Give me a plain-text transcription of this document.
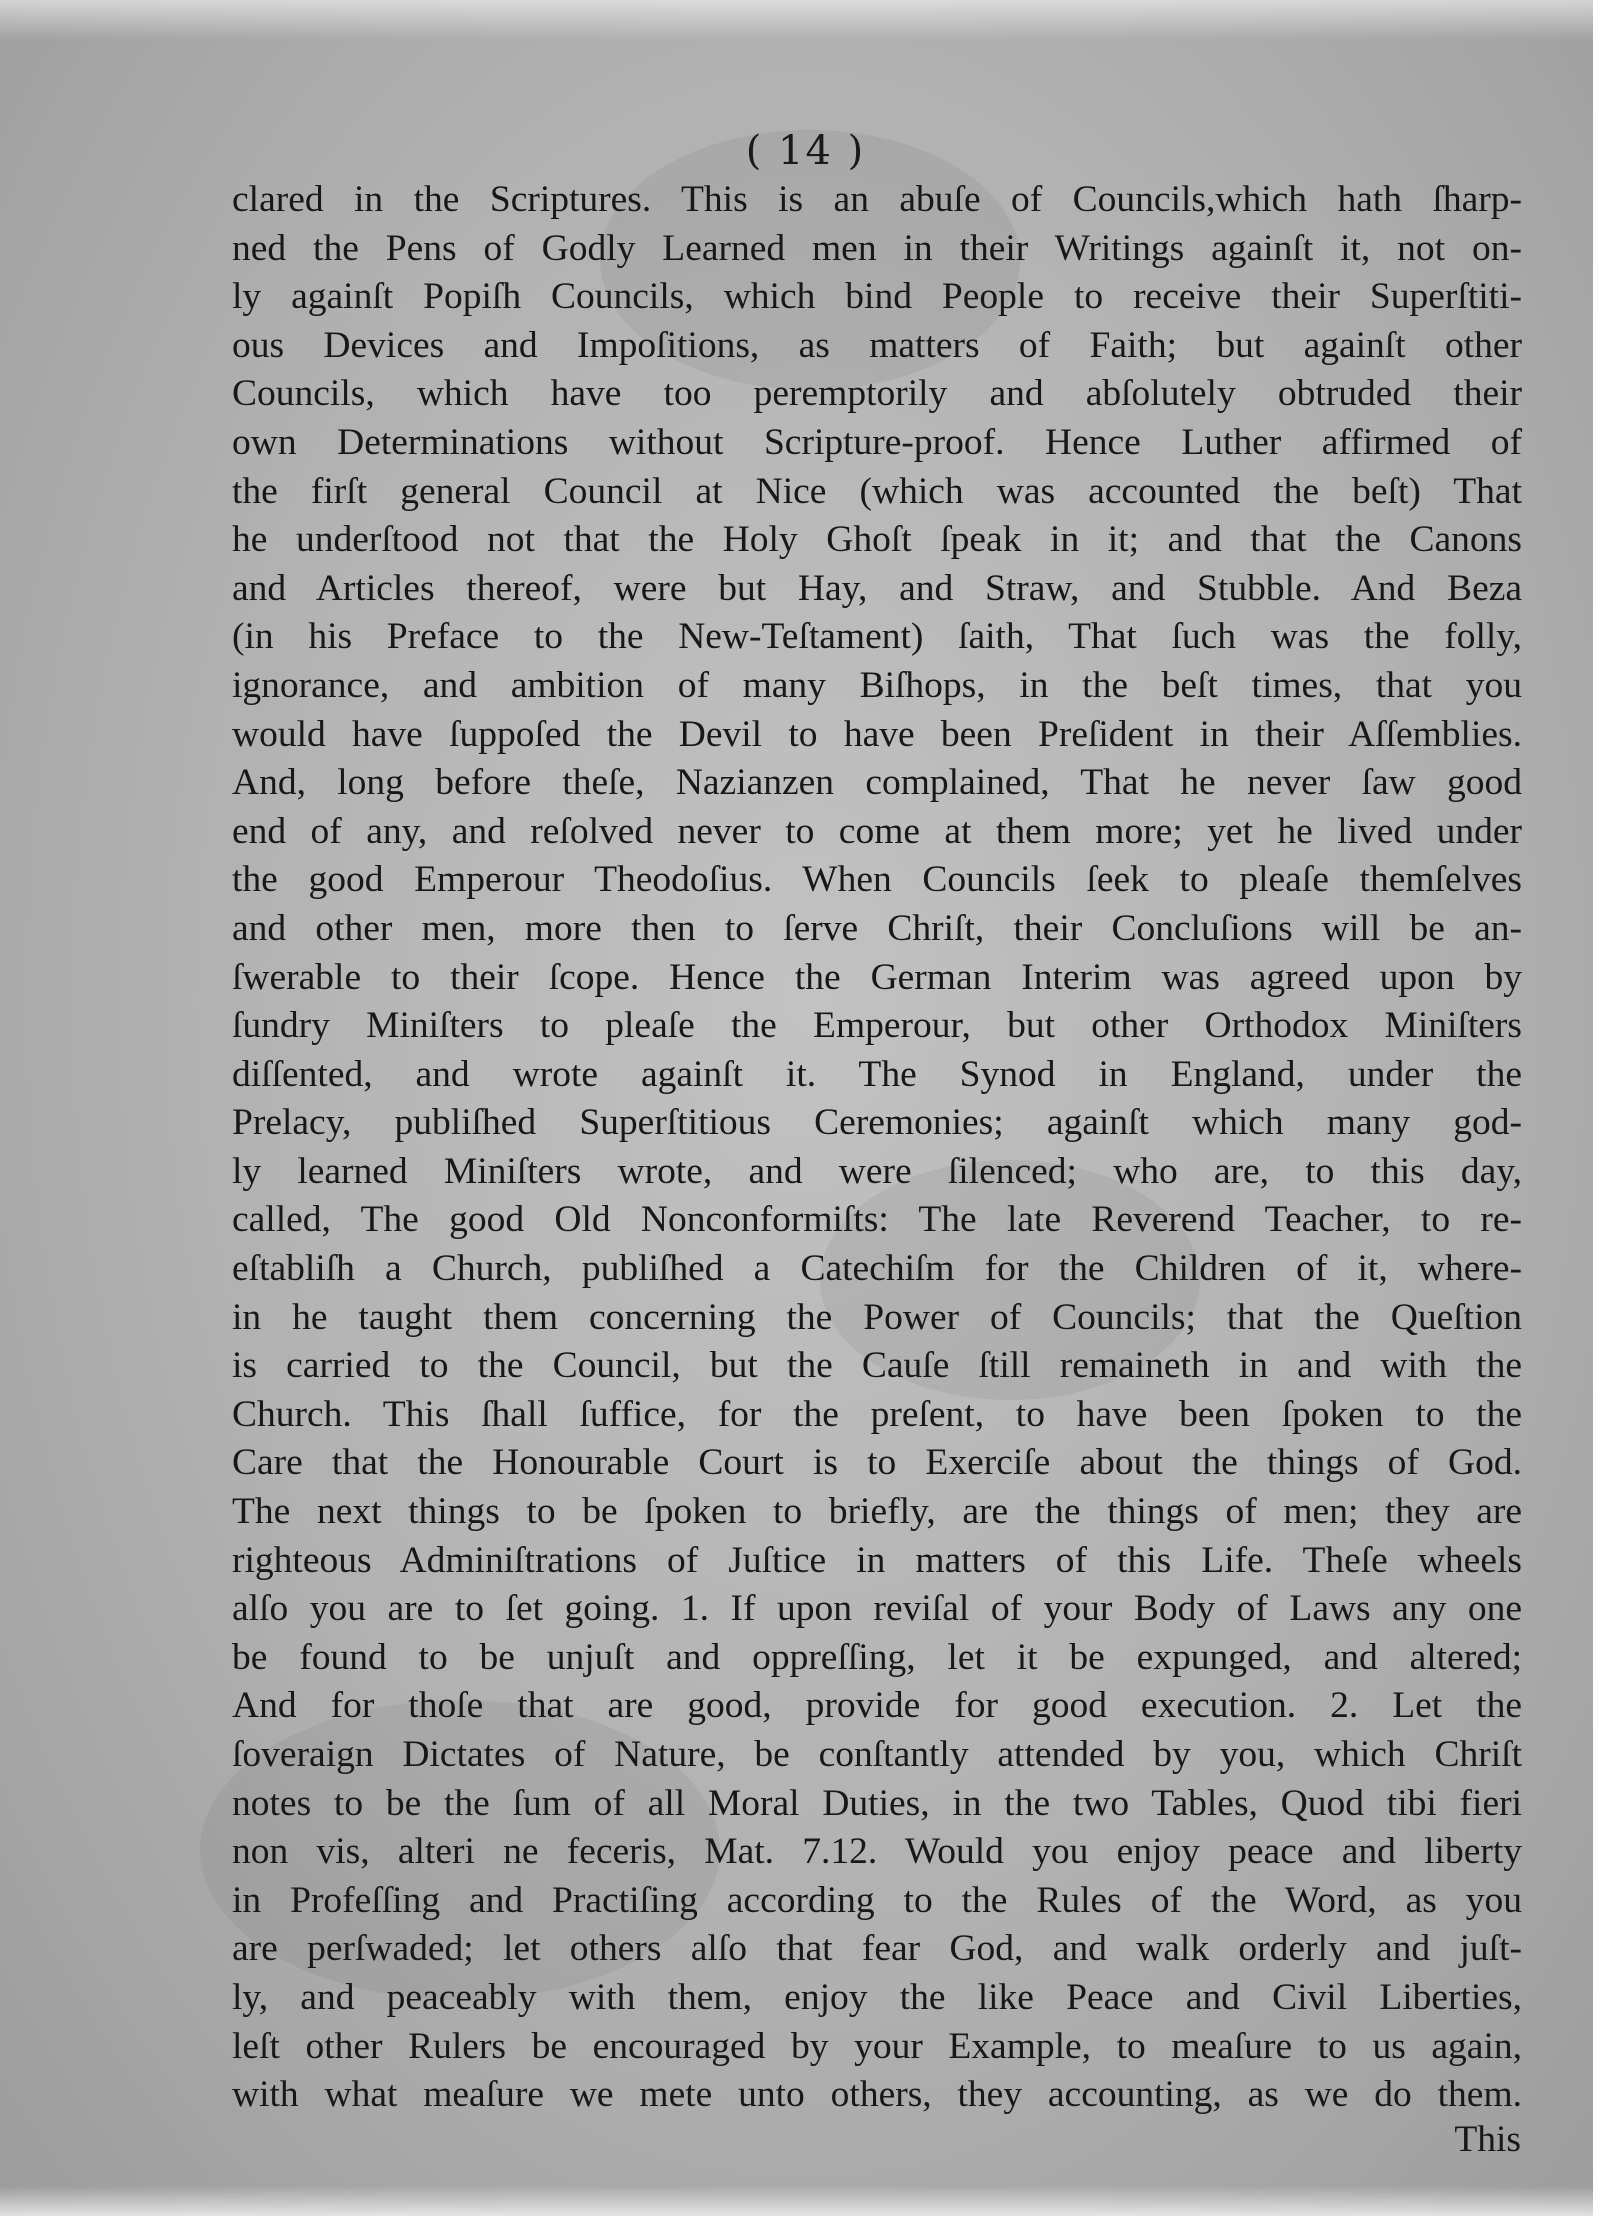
( 14 )
clared in the Scriptures. This is an abuſe of Councils,which hath ſharp-
ned the Pens of Godly Learned men in their Writings againſt it, not on-
ly againſt Popiſh Councils, which bind People to receive their Superſtiti-
ous Devices and Impoſitions, as matters of Faith; but againſt other
Councils, which have too peremptorily and abſolutely obtruded their
own Determinations without Scripture-proof. Hence Luther affirmed of
the firſt general Council at Nice (which was accounted the beſt) That
he underſtood not that the Holy Ghoſt ſpeak in it; and that the Canons
and Articles thereof, were but Hay, and Straw, and Stubble. And Beza
(in his Preface to the New-Teſtament) ſaith, That ſuch was the folly,
ignorance, and ambition of many Biſhops, in the beſt times, that you
would have ſuppoſed the Devil to have been Preſident in their Aſſemblies.
And, long before theſe, Nazianzen complained, That he never ſaw good
end of any, and reſolved never to come at them more; yet he lived under
the good Emperour Theodoſius. When Councils ſeek to pleaſe themſelves
and other men, more then to ſerve Chriſt, their Concluſions will be an-
ſwerable to their ſcope. Hence the German Interim was agreed upon by
ſundry Miniſters to pleaſe the Emperour, but other Orthodox Miniſters
diſſented, and wrote againſt it. The Synod in England, under the
Prelacy, publiſhed Superſtitious Ceremonies; againſt which many god-
ly learned Miniſters wrote, and were ſilenced; who are, to this day,
called, The good Old Nonconformiſts: The late Reverend Teacher, to re-
eſtabliſh a Church, publiſhed a Catechiſm for the Children of it, where-
in he taught them concerning the Power of Councils; that the Queſtion
is carried to the Council, but the Cauſe ſtill remaineth in and with the
Church. This ſhall ſuffice, for the preſent, to have been ſpoken to the
Care that the Honourable Court is to Exerciſe about the things of God.
The next things to be ſpoken to briefly, are the things of men; they are
righteous Adminiſtrations of Juſtice in matters of this Life. Theſe wheels
alſo you are to ſet going. 1. If upon reviſal of your Body of Laws any one
be found to be unjuſt and oppreſſing, let it be expunged, and altered;
And for thoſe that are good, provide for good execution. 2. Let the
ſoveraign Dictates of Nature, be conſtantly attended by you, which Chriſt
notes to be the ſum of all Moral Duties, in the two Tables, Quod tibi fieri
non vis, alteri ne feceris, Mat. 7.12. Would you enjoy peace and liberty
in Profeſſing and Practiſing according to the Rules of the Word, as you
are perſwaded; let others alſo that fear God, and walk orderly and juſt-
ly, and peaceably with them, enjoy the like Peace and Civil Liberties,
leſt other Rulers be encouraged by your Example, to meaſure to us again,
with what meaſure we mete unto others, they accounting, as we do them.
This
